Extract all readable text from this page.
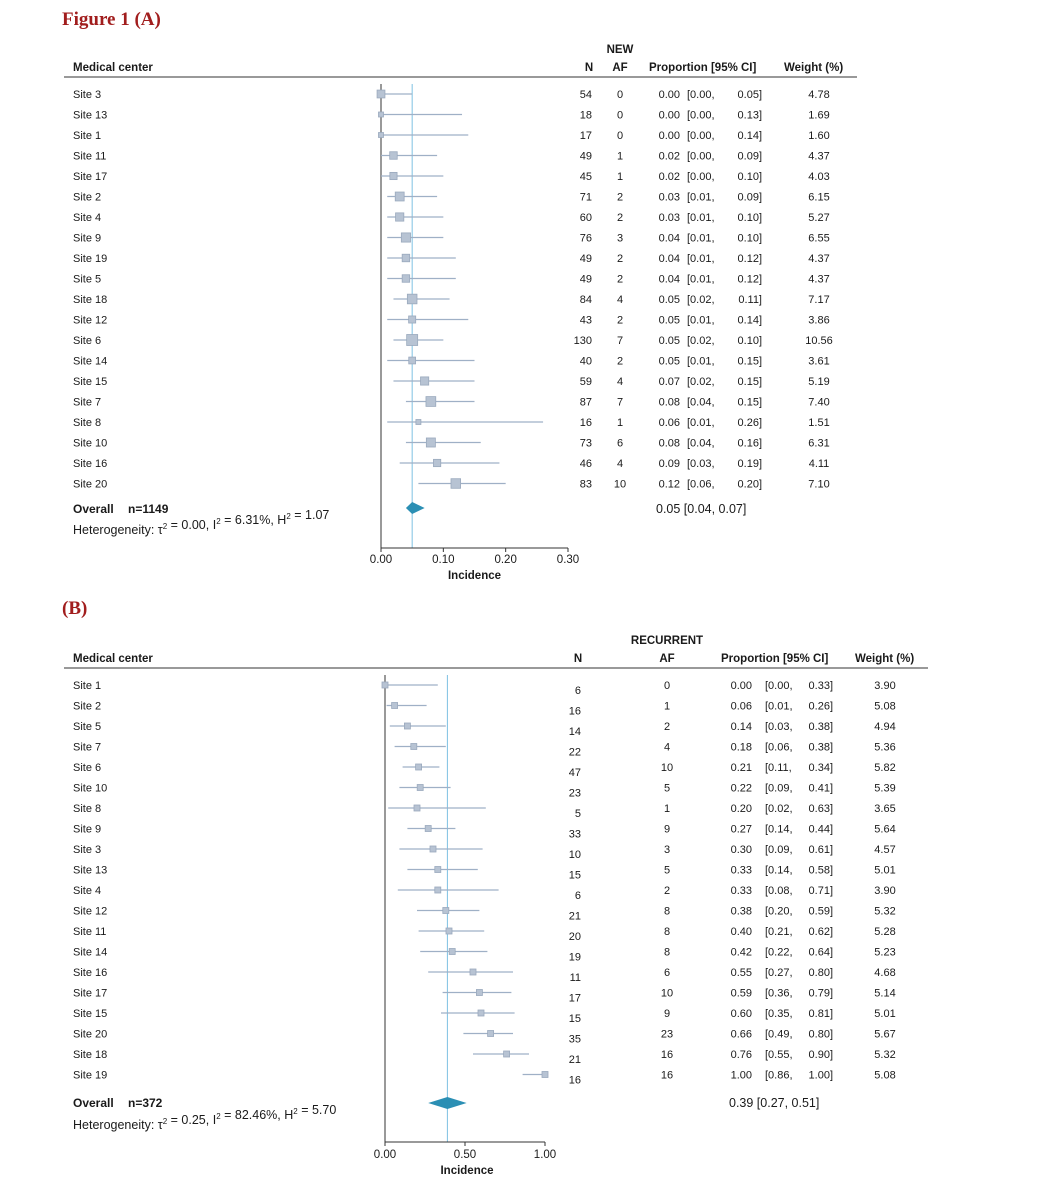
Figure 1 (A)
Medical center	N
NEW
AF Proportion [95% CI] Weight (%)
Site 3	54 0	0.00 [0.00, 0.05]	4.78
Site 13	18 0	0.00 [0.00, 0.13]	1.69
Site 1	17 0	0.00 [0.00, 0.14]	1.60
Site 11	49 1	0.02 [0.00, 0.09]	4.37
Site 17	45 1	0.02 [0.00, 0.10]	4.03
Site 2	71 2	0.03 [0.01, 0.09]	6.15
Site 4	60 2	0.03 [0.01, 0.10]	5.27
Site 9	76 3	0.04 [0.01, 0.10]	6.55
Site 19	49 2	0.04 [0.01, 0.12]	4.37
Site 5	49 2	0.04 [0.01, 0.12]	4.37
Site 18	84 4	0.05 [0.02, 0.11]	7.17
Site 12	43 2	0.05 [0.01, 0.14]	3.86
Site 6	130 7	0.05 [0.02, 0.10]	10.56
Site 14	40 2	0.05 [0.01, 0.15]	3.61
Site 15	59 4	0.07 [0.02, 0.15]	5.19
Site 7	87 7	0.08 [0.04, 0.15]	7.40
Site 8	16 1	0.06 [0.01, 0.26]	1.51
Site 10	73 6	0.08 [0.04, 0.16]	6.31
Site 16	46 4	0.09 [0.03, 0.19]	4.11
Site 20	83 10	0.12 [0.06, 0.20]	7.10
Overall n=1149	0.05 [0.04, 0.07]
Heterogeneity: $\tau^2 = 0.00$, $I^2 = 6.31\%$, $H^2 = 1.07$
0.00	0.10	0.20	0.30
Incidence
(B)
Medical center	N
RECURRENT
AF	Proportion [95% CI] Weight (%)
Site 1	6	0	0.00 [0.00, 0.33]	3.90
Site 2	16	1	0.06 [0.01, 0.26]	5.08
Site 5	14	2	0.14 [0.03, 0.38]	4.94
Site 7	22	4	0.18 [0.06, 0.38]	5.36
Site 6	47	10	0.21 [0.11, 0.34]	5.82
Site 10	23	5	0.22 [0.09, 0.41]	5.39
Site 8	5	1	0.20 [0.02, 0.63]	3.65
Site 9	33	9	0.27 [0.14, 0.44]	5.64
Site 3	10	3	0.30 [0.09, 0.61]	4.57
Site 13	15	5	0.33 [0.14, 0.58]	5.01
Site 4	6	2	0.33 [0.08, 0.71]	3.90
Site 12	21	8	0.38 [0.20, 0.59]	5.32
Site 11	20	8	0.40 [0.21, 0.62]	5.28
Site 14	19	8	0.42 [0.22, 0.64]	5.23
Site 16	11	6	0.55 [0.27, 0.80]	4.68
Site 17	17	10	0.59 [0.36, 0.79]	5.14
Site 15	15	9	0.60 [0.35, 0.81]	5.01
Site 20	35	23	0.66 [0.49, 0.80]	5.67
Site 18	21	16	0.76 [0.55, 0.90]	5.32
Site 19	16	16	1.00 [0.86, 1.00]	5.08
Overall n=372	0.39 [0.27, 0.51]
Heterogeneity: $\tau^2 = 0.25$, $I^2 = 82.46\%$, $H^2 = 5.70$
0.00	0.50	1.00
Incidence
